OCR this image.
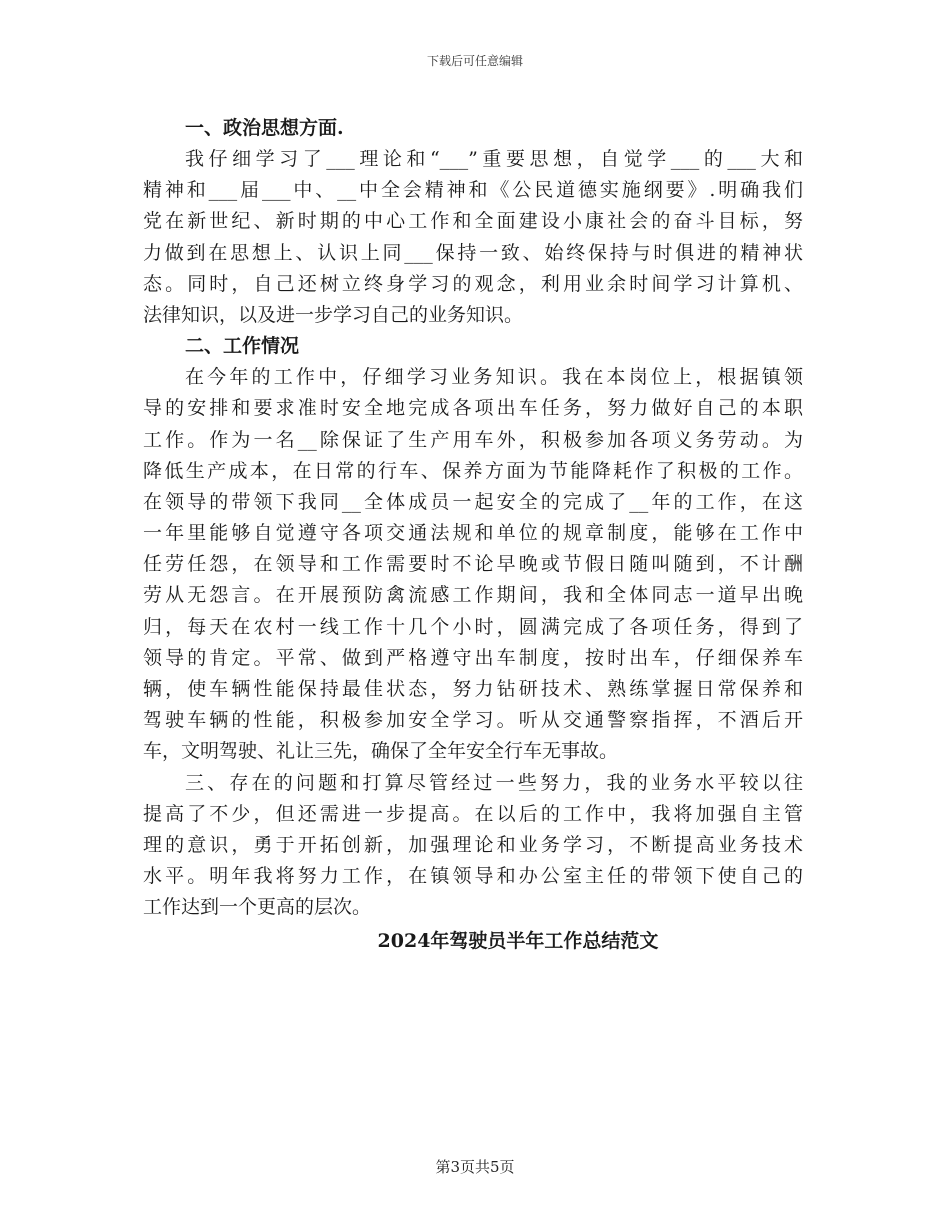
下载后可任意编辑
一、政治思想方面.
我仔细学习了___理论和“___”重要思想，自觉学___的___大和
精神和___届___中、__中全会精神和《公民道德实施纲要》.明确我们
党在新世纪、新时期的中心工作和全面建设小康社会的奋斗目标，努
力做到在思想上、认识上同___保持一致、始终保持与时俱进的精神状
态。同时，自己还树立终身学习的观念，利用业余时间学习计算机、
法律知识，以及进一步学习自己的业务知识。
二、工作情况
在今年的工作中，仔细学习业务知识。我在本岗位上，根据镇领
导的安排和要求准时安全地完成各项出车任务，努力做好自己的本职
工作。作为一名__除保证了生产用车外，积极参加各项义务劳动。为
降低生产成本，在日常的行车、保养方面为节能降耗作了积极的工作。
在领导的带领下我同__全体成员一起安全的完成了__年的工作，在这
一年里能够自觉遵守各项交通法规和单位的规章制度，能够在工作中
任劳任怨，在领导和工作需要时不论早晚或节假日随叫随到，不计酬
劳从无怨言。在开展预防禽流感工作期间，我和全体同志一道早出晚
归，每天在农村一线工作十几个小时，圆满完成了各项任务，得到了
领导的肯定。平常、做到严格遵守出车制度，按时出车，仔细保养车
辆，使车辆性能保持最佳状态，努力钻研技术、熟练掌握日常保养和
驾驶车辆的性能，积极参加安全学习。听从交通警察指挥，不酒后开
车，文明驾驶、礼让三先，确保了全年安全行车无事故。
三、存在的问题和打算尽管经过一些努力，我的业务水平较以往
提高了不少，但还需进一步提高。在以后的工作中，我将加强自主管
理的意识，勇于开拓创新，加强理论和业务学习，不断提高业务技术
水平。明年我将努力工作，在镇领导和办公室主任的带领下使自己的
工作达到一个更高的层次。
2024年驾驶员半年工作总结范文
第3页共5页
